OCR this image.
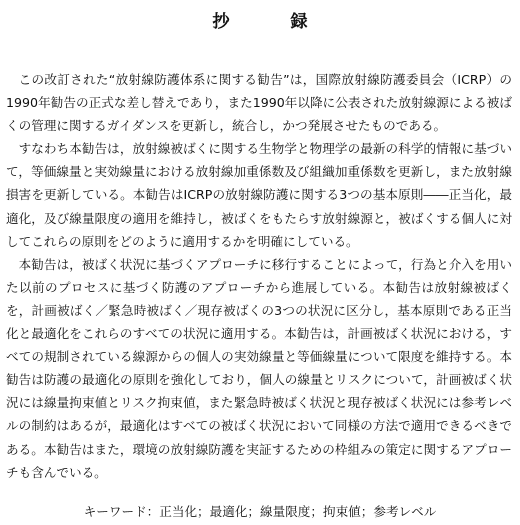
抄　録

この改訂された“放射線防護体系に関する勧告”は，国際放射線防護委員会（ICRP）の1990年勧告の正式な差し替えであり，また1990年以降に公表された放射線源による被ばくの管理に関するガイダンスを更新し，統合し，かつ発展させたものである。

すなわち本勧告は，放射線被ばくに関する生物学と物理学の最新の科学的情報に基づいて，等価線量と実効線量における放射線加重係数及び組織加重係数を更新し，また放射線損害を更新している。本勧告はICRPの放射線防護に関する3つの基本原則――正当化，最適化，及び線量限度の適用を維持し，被ばくをもたらす放射線源と，被ばくする個人に対してこれらの原則をどのように適用するかを明確にしている。

本勧告は，被ばく状況に基づくアプローチに移行することによって，行為と介入を用いた以前のプロセスに基づく防護のアプローチから進展している。本勧告は放射線被ばくを，計画被ばく／緊急時被ばく／現存被ばくの3つの状況に区分し，基本原則である正当化と最適化をこれらのすべての状況に適用する。本勧告は，計画被ばく状況における，すべての規制されている線源からの個人の実効線量と等価線量について限度を維持する。本勧告は防護の最適化の原則を強化しており，個人の線量とリスクについて，計画被ばく状況には線量拘束値とリスク拘束値，また緊急時被ばく状況と現存被ばく状況には参考レベルの制約はあるが，最適化はすべての被ばく状況において同様の方法で適用できるべきである。本勧告はまた，環境の放射線防護を実証するための枠組みの策定に関するアプローチも含んでいる。

キーワード：正当化；最適化；線量限度；拘束値；参考レベル
